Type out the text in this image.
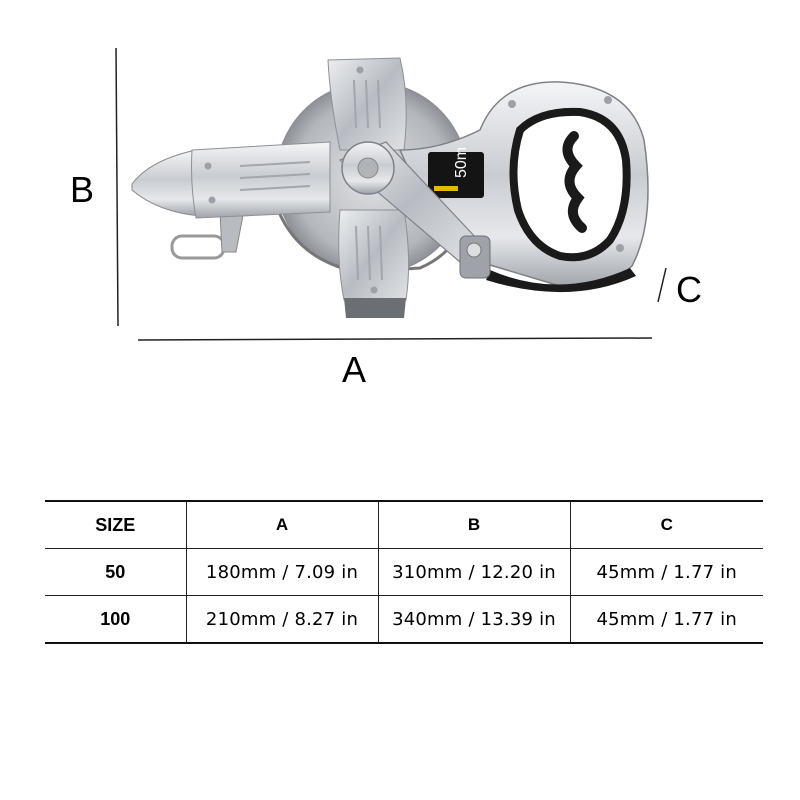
50m
A
B
C
SIZE	A	B	C
50	180mm / 7.09 in	310mm / 12.20 in	45mm / 1.77 in
100	210mm / 8.27 in	340mm / 13.39 in	45mm / 1.77 in
